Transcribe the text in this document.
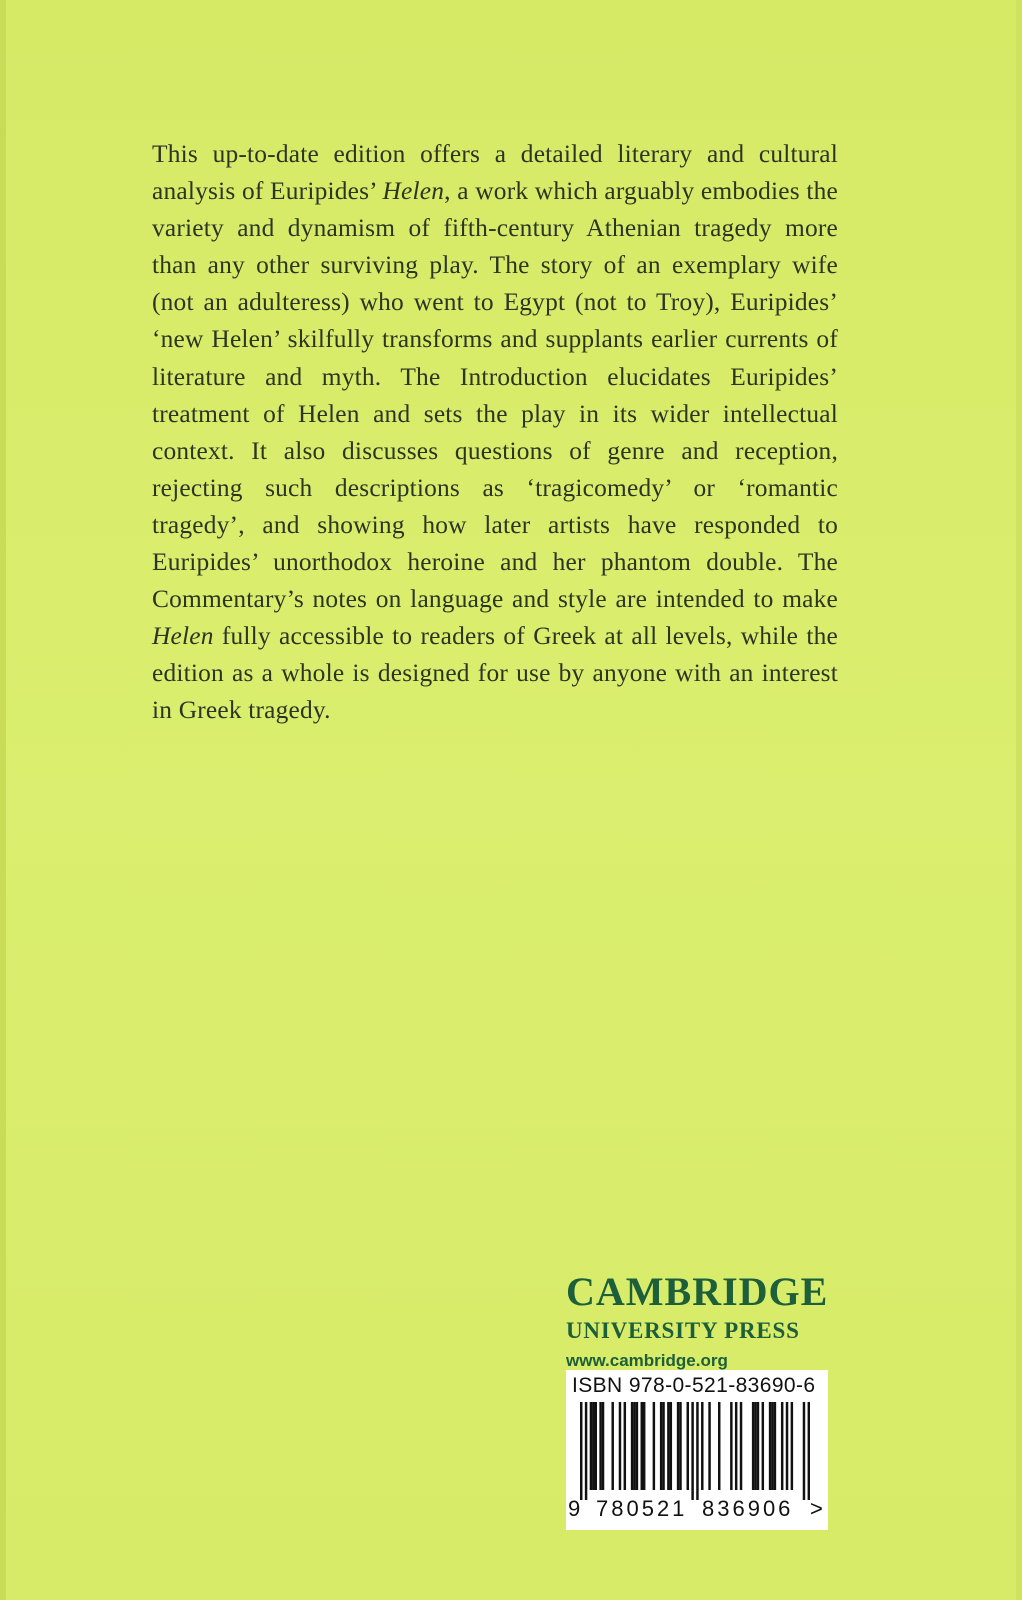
This up-to-date edition offers a detailed literary and cultural analysis of Euripides’ Helen, a work which arguably embodies the variety and dynamism of fifth-century Athenian tragedy more than any other surviving play. The story of an exemplary wife (not an adulteress) who went to Egypt (not to Troy), Euripides’ ‘new Helen’ skilfully transforms and supplants earlier currents of literature and myth. The Introduction elucidates Euripides’ treatment of Helen and sets the play in its wider intellectual context. It also discusses questions of genre and reception, rejecting such descriptions as ‘tragicomedy’ or ‘romantic tragedy’, and showing how later artists have responded to Euripides’ unorthodox heroine and her phantom double. The Commentary’s notes on language and style are intended to make Helen fully accessible to readers of Greek at all levels, while the edition as a whole is designed for use by anyone with an interest in Greek tragedy.

CAMBRIDGE

UNIVERSITY PRESS

www.cambridge.org

ISBN 978-0-521-83690-6
9 780521 836906 >
